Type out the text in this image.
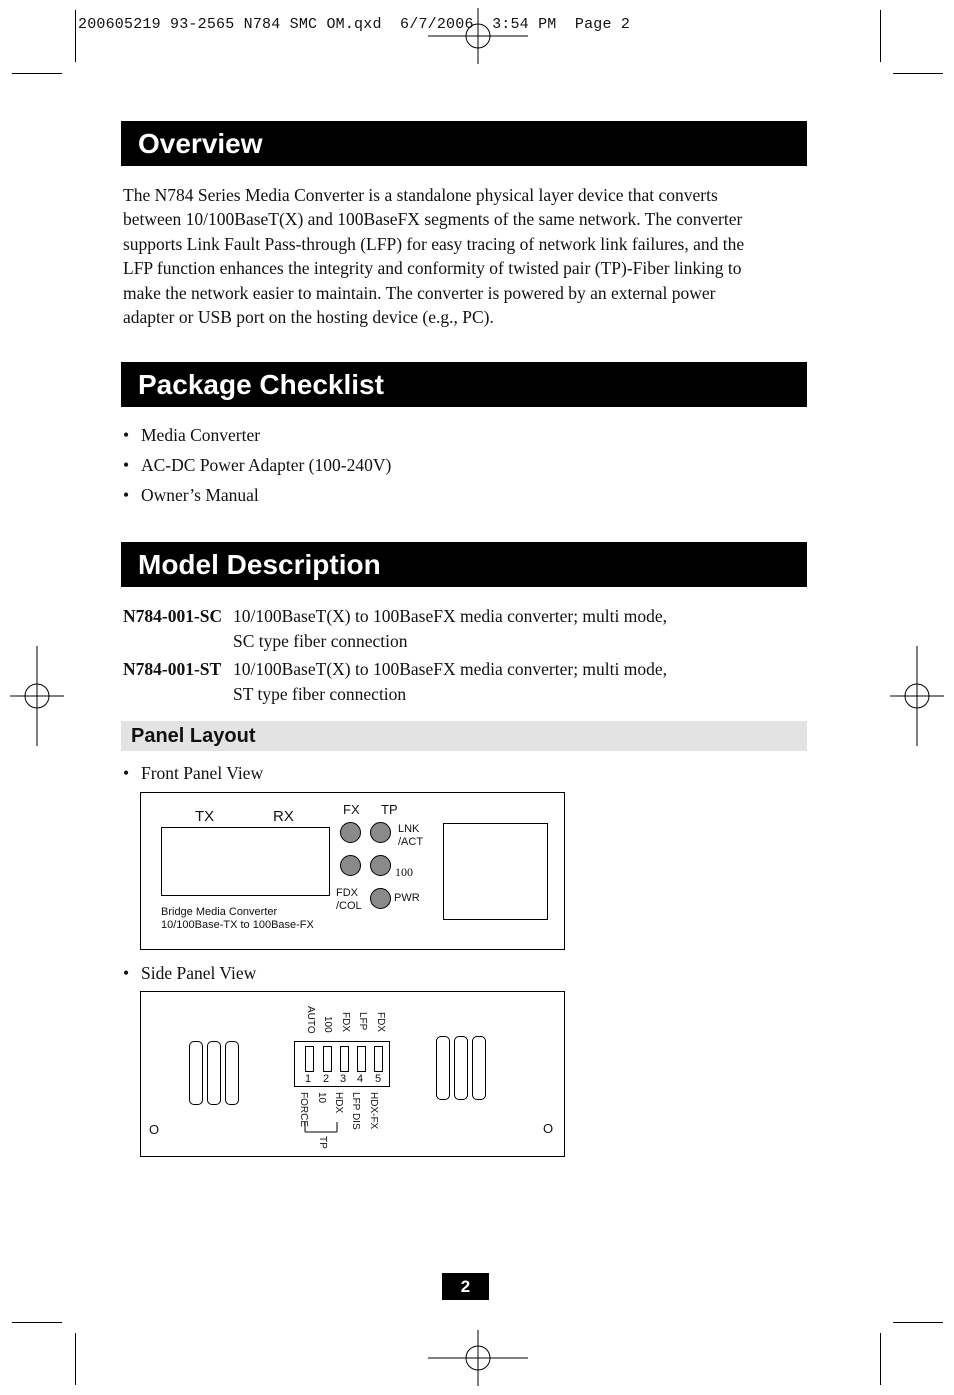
200605219 93-2565 N784 SMC OM.qxd  6/7/2006  3:54 PM  Page 2
Overview
The N784 Series Media Converter is a standalone physical layer device that converts
between 10/100BaseT(X) and 100BaseFX segments of the same network. The converter
supports Link Fault Pass-through (LFP) for easy tracing of network link failures, and the
LFP function enhances the integrity and conformity of twisted pair (TP)-Fiber linking to
make the network easier to maintain. The converter is powered by an external power
adapter or USB port on the hosting device (e.g., PC).
Package Checklist
• Media Converter
• AC-DC Power Adapter (100-240V)
• Owner’s Manual
Model Description
N784-001-SC 10/100BaseT(X) to 100BaseFX media converter; multi mode,
SC type fiber connection
N784-001-ST 10/100BaseT(X) to 100BaseFX media converter; multi mode,
ST type fiber connection
Panel Layout
• Front Panel View
TX	RX	FX TP
LNK
/ACT
100
FDX
/COL
PWR
Bridge Media Converter
10/100Base-TX to 100Base-FX
• Side Panel View
O	O
AUTO 100 FDX LFP FDX
1 2 3 4 5
FORCE 10 HDX LFP DIS HDX-FX
TP
2
